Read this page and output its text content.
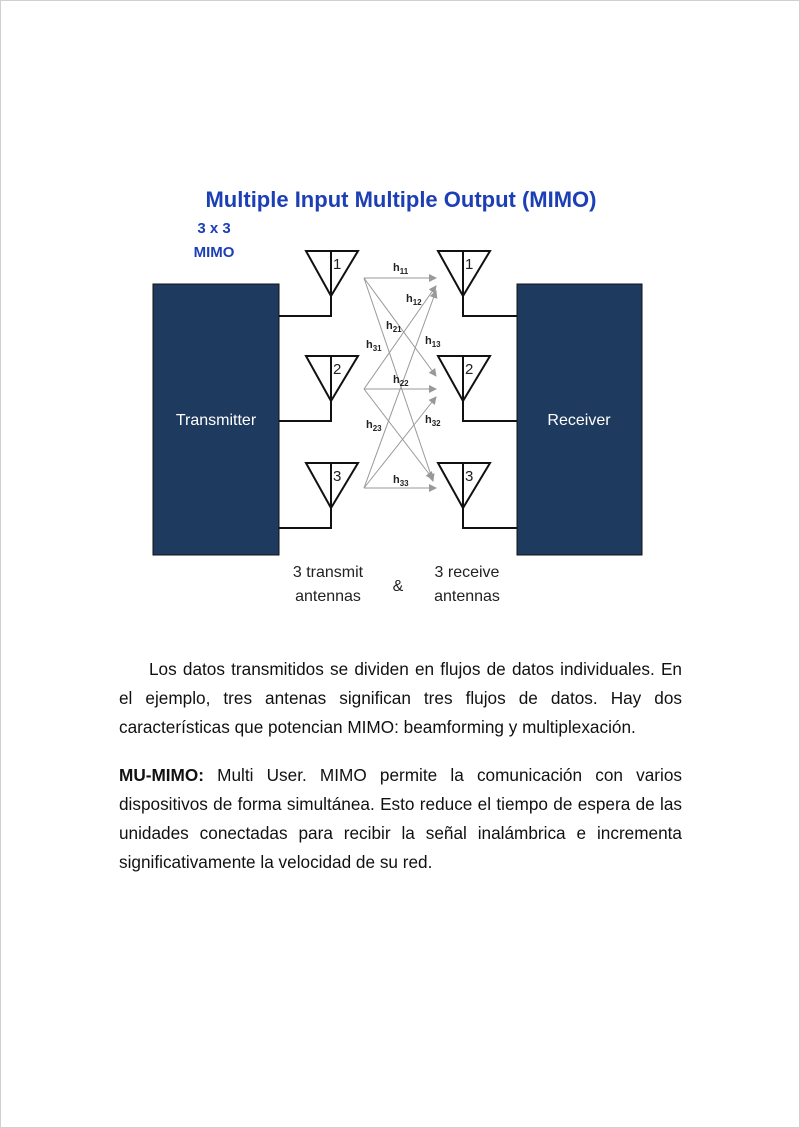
Multiple Input Multiple Output (MIMO)
3 x 3
MIMO
Transmitter	Receiver
1
2
3
1
2
3
$h_{11}$
$h_{12}$
$h_{13}$
$h_{21}$
$h_{22}$
$h_{23}$
$h_{31}$
$h_{32}$
$h_{33}$
3 transmit
antennas
&
3 receive
antennas

Los datos transmitidos se dividen en flujos de datos individuales. En el ejemplo, tres antenas significan tres flujos de datos. Hay dos características que potencian MIMO: beamforming y multiplexación.

MU-MIMO: Multi User. MIMO permite la comunicación con varios dispositivos de forma simultánea. Esto reduce el tiempo de espera de las unidades conectadas para recibir la señal inalámbrica e incrementa significativamente la velocidad de su red.
